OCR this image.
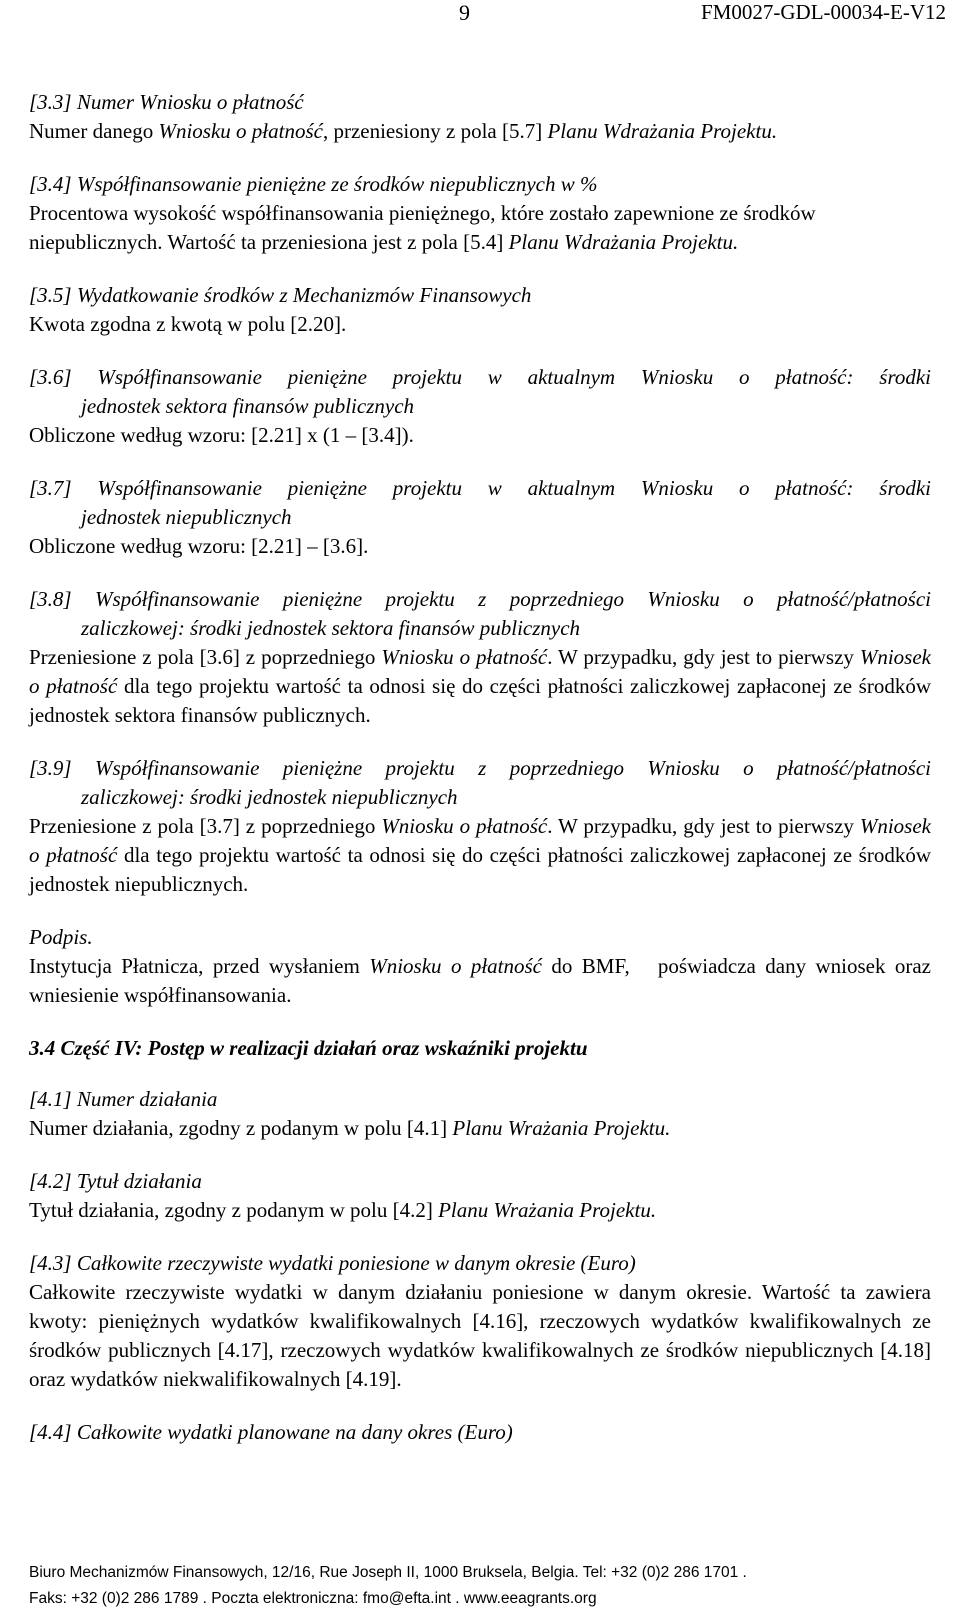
9	FM0027-GDL-00034-E-V12

[3.3] Numer Wniosku o płatność

Numer danego Wniosku o płatność, przeniesiony z pola [5.7] Planu Wdrażania Projektu.

[3.4] Współfinansowanie pieniężne ze środków niepublicznych w %

Procentowa wysokość współfinansowania pieniężnego, które zostało zapewnione ze środków niepublicznych. Wartość ta przeniesiona jest z pola [5.4] Planu Wdrażania Projektu.

[3.5] Wydatkowanie środków z Mechanizmów Finansowych

Kwota zgodna z kwotą w polu [2.20].

[3.6] Współfinansowanie pieniężne projektu w aktualnym Wniosku o płatność: środki

jednostek sektora finansów publicznych

Obliczone według wzoru: [2.21] x (1 – [3.4]).

[3.7] Współfinansowanie pieniężne projektu w aktualnym Wniosku o płatność: środki

jednostek niepublicznych

Obliczone według wzoru: [2.21] – [3.6].

[3.8] Współfinansowanie pieniężne projektu z poprzedniego Wniosku o płatność/płatności

zaliczkowej: środki jednostek sektora finansów publicznych

Przeniesione z pola [3.6] z poprzedniego Wniosku o płatność. W przypadku, gdy jest to pierwszy Wniosek o płatność dla tego projektu wartość ta odnosi się do części płatności zaliczkowej zapłaconej ze środków jednostek sektora finansów publicznych.

[3.9] Współfinansowanie pieniężne projektu z poprzedniego Wniosku o płatność/płatności

zaliczkowej: środki jednostek niepublicznych

Przeniesione z pola [3.7] z poprzedniego Wniosku o płatność. W przypadku, gdy jest to pierwszy Wniosek o płatność dla tego projektu wartość ta odnosi się do części płatności zaliczkowej zapłaconej ze środków jednostek niepublicznych.

Podpis.

Instytucja Płatnicza, przed wysłaniem Wniosku o płatność do BMF,   poświadcza dany wniosek oraz wniesienie współfinansowania.

3.4 Część IV: Postęp w realizacji działań oraz wskaźniki projektu

[4.1] Numer działania

Numer działania, zgodny z podanym w polu [4.1] Planu Wrażania Projektu.

[4.2] Tytuł działania

Tytuł działania, zgodny z podanym w polu [4.2] Planu Wrażania Projektu.

[4.3] Całkowite rzeczywiste wydatki poniesione w danym okresie (Euro)

Całkowite rzeczywiste wydatki w danym działaniu poniesione w danym okresie. Wartość ta zawiera kwoty: pieniężnych wydatków kwalifikowalnych [4.16], rzeczowych wydatków kwalifikowalnych ze środków publicznych [4.17], rzeczowych wydatków kwalifikowalnych ze środków niepublicznych [4.18] oraz wydatków niekwalifikowalnych [4.19].

[4.4] Całkowite wydatki planowane na dany okres (Euro)

Biuro Mechanizmów Finansowych, 12/16, Rue Joseph II, 1000 Bruksela, Belgia. Tel: +32 (0)2 286 1701 .
Faks: +32 (0)2 286 1789 . Poczta elektroniczna: fmo@efta.int . www.eeagrants.org
